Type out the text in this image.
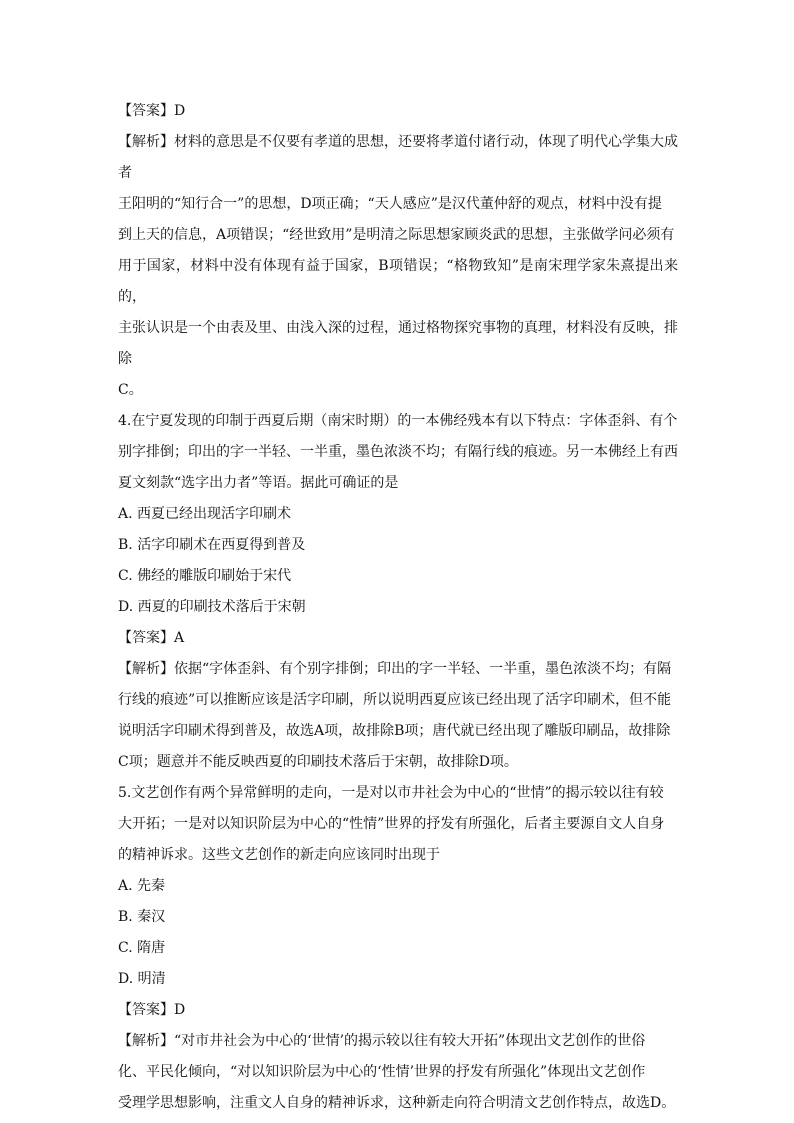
【答案】D

【解析】材料的意思是不仅要有孝道的思想，还要将孝道付诸行动，体现了明代心学集大成者

王阳明的“知行合一”的思想，D项正确；“天人感应”是汉代董仲舒的观点，材料中没有提

到上天的信息，A项错误；“经世致用”是明清之际思想家顾炎武的思想，主张做学问必须有

用于国家，材料中没有体现有益于国家，B项错误；“格物致知”是南宋理学家朱熹提出来的，

主张认识是一个由表及里、由浅入深的过程，通过格物探究事物的真理，材料没有反映，排除

C。

4.在宁夏发现的印制于西夏后期（南宋时期）的一本佛经残本有以下特点：字体歪斜、有个

别字排倒；印出的字一半轻、一半重，墨色浓淡不均；有隔行线的痕迹。另一本佛经上有西

夏文刻款“选字出力者”等语。据此可确证的是

A. 西夏已经出现活字印刷术

B. 活字印刷术在西夏得到普及

C. 佛经的雕版印刷始于宋代

D. 西夏的印刷技术落后于宋朝

【答案】A

【解析】依据“字体歪斜、有个别字排倒；印出的字一半轻、一半重，墨色浓淡不均；有隔

行线的痕迹”可以推断应该是活字印刷，所以说明西夏应该已经出现了活字印刷术，但不能

说明活字印刷术得到普及，故选A项，故排除B项；唐代就已经出现了雕版印刷品，故排除

C项；题意并不能反映西夏的印刷技术落后于宋朝，故排除D项。

5.文艺创作有两个异常鲜明的走向，一是对以市井社会为中心的“世情”的揭示较以往有较

大开拓；一是对以知识阶层为中心的“性情”世界的抒发有所强化，后者主要源自文人自身

的精神诉求。这些文艺创作的新走向应该同时出现于

A. 先秦

B. 秦汉

C. 隋唐

D. 明清

【答案】D

【解析】“对市井社会为中心的‘世情’的揭示较以往有较大开拓”体现出文艺创作的世俗

化、平民化倾向，“对以知识阶层为中心的‘性情’世界的抒发有所强化”体现出文艺创作

受理学思想影响，注重文人自身的精神诉求，这种新走向符合明清文艺创作特点，故选D。
